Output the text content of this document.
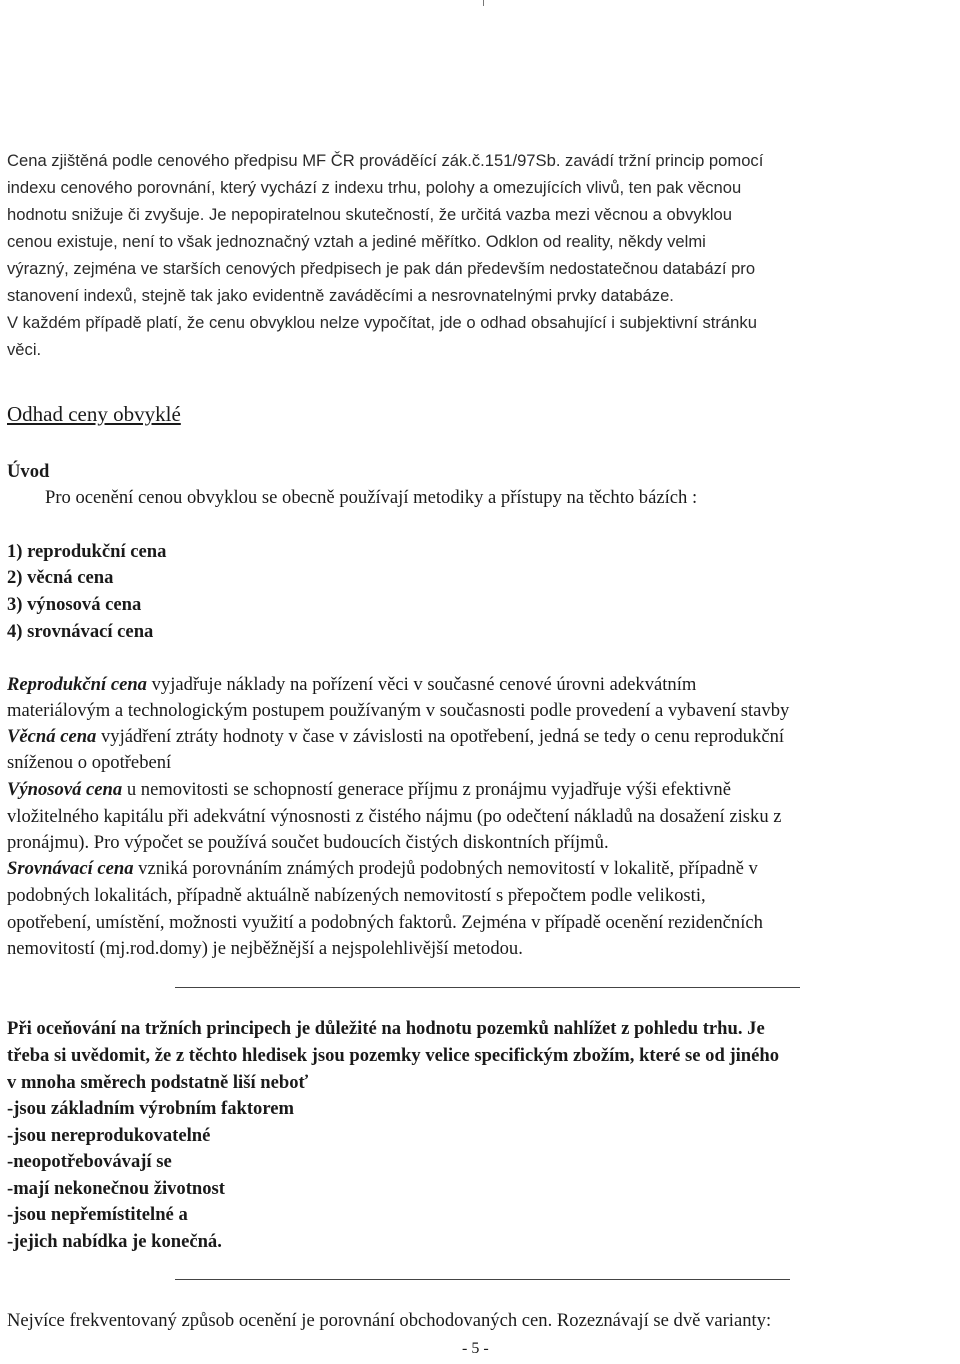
Cena zjištěná podle cenového předpisu MF ČR prováděící zák.č.151/97Sb. zavádí tržní princip pomocí
indexu cenového porovnání, který vychází z indexu trhu, polohy a omezujících vlivů, ten pak věcnou
hodnotu snižuje či zvyšuje. Je nepopiratelnou skutečností, že určitá vazba mezi věcnou a obvyklou
cenou existuje, není to však jednoznačný vztah a jediné měřítko. Odklon od reality, někdy velmi
výrazný, zejména ve starších cenových předpisech je pak dán především nedostatečnou databází pro
stanovení indexů, stejně tak jako evidentně zaváděcími a nesrovnatelnými prvky databáze.
V každém případě platí, že cenu obvyklou nelze vypočítat, jde o odhad obsahující i subjektivní stránku
věci.
Odhad ceny obvyklé
Úvod
Pro ocenění cenou obvyklou se obecně používají metodiky a přístupy na těchto bázích :
1) reprodukční cena
2) věcná cena
3) výnosová cena
4) srovnávací cena
Reprodukční cena vyjadřuje náklady na pořízení věci v současné cenové úrovni adekvátním
materiálovým a technologickým postupem používaným v současnosti podle provedení a vybavení stavby
Věcná cena vyjádření ztráty hodnoty v čase v závislosti na opotřebení, jedná se tedy o cenu reprodukční
sníženou o opotřebení
Výnosová cena u nemovitosti se schopností generace příjmu z pronájmu vyjadřuje výši efektivně
vložitelného kapitálu při adekvátní výnosnosti z čistého nájmu (po odečtení nákladů na dosažení zisku z
pronájmu). Pro výpočet se používá součet budoucích čistých diskontních příjmů.
Srovnávací cena vzniká porovnáním známých prodejů podobných nemovitostí v lokalitě, případně v
podobných lokalitách, případně aktuálně nabízených nemovitostí s přepočtem podle velikosti,
opotřebení, umístění, možnosti využití a podobných faktorů. Zejména v případě ocenění rezidenčních
nemovitostí (mj.rod.domy) je nejběžnější a nejspolehlivější metodou.
Při oceňování na tržních principech je důležité na hodnotu pozemků nahlížet z pohledu trhu. Je
třeba si uvědomit, že z těchto hledisek jsou pozemky velice specifickým zbožím, které se od jiného
v mnoha směrech podstatně liší neboť
-jsou základním výrobním faktorem
-jsou nereprodukovatelné
-neopotřebovávají se
-mají nekonečnou životnost
-jsou nepřemístitelné a
-jejich nabídka je konečná.
Nejvíce frekventovaný způsob ocenění je porovnání obchodovaných cen. Rozeznávají se dvě varianty:
- 5 -
